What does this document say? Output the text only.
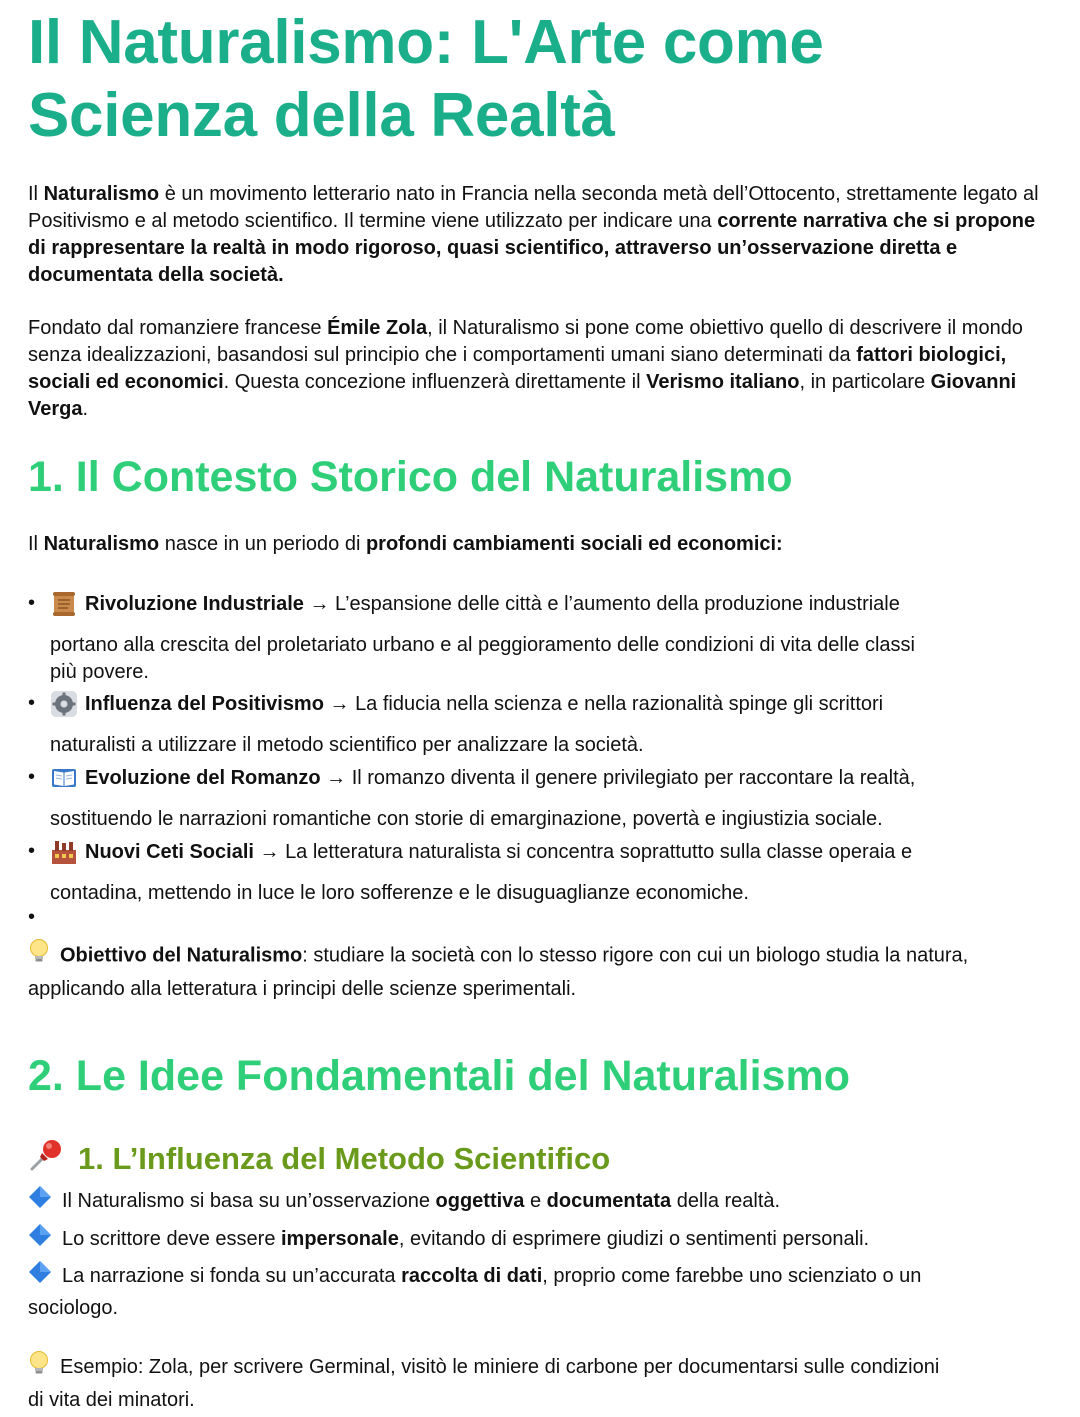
Il Naturalismo: L'Arte come
Scienza della Realtà

Il Naturalismo è un movimento letterario nato in Francia nella seconda metà dell’Ottocento, strettamente legato al Positivismo e al metodo scientifico. Il termine viene utilizzato per indicare una corrente narrativa che si propone di rappresentare la realtà in modo rigoroso, quasi scientifico, attraverso un’osservazione diretta e documentata della società.

Fondato dal romanziere francese Émile Zola, il Naturalismo si pone come obiettivo quello di descrivere il mondo senza idealizzazioni, basandosi sul principio che i comportamenti umani siano determinati da fattori biologici, sociali ed economici. Questa concezione influenzerà direttamente il Verismo italiano, in particolare Giovanni Verga.

1. Il Contesto Storico del Naturalismo

Il Naturalismo nasce in un periodo di profondi cambiamenti sociali ed economici:

• Rivoluzione Industriale → L’espansione delle città e l’aumento della produzione industriale
portano alla crescita del proletariato urbano e al peggioramento delle condizioni di vita delle classi
più povere.
• Influenza del Positivismo → La fiducia nella scienza e nella razionalità spinge gli scrittori
naturalisti a utilizzare il metodo scientifico per analizzare la società.
• Evoluzione del Romanzo → Il romanzo diventa il genere privilegiato per raccontare la realtà,
sostituendo le narrazioni romantiche con storie di emarginazione, povertà e ingiustizia sociale.
• Nuovi Ceti Sociali → La letteratura naturalista si concentra soprattutto sulla classe operaia e
contadina, mettendo in luce le loro sofferenze e le disuguaglianze economiche.
•

Obiettivo del Naturalismo: studiare la società con lo stesso rigore con cui un biologo studia la natura, applicando alla letteratura i principi delle scienze sperimentali.

2. Le Idee Fondamentali del Naturalismo
1. L’Influenza del Metodo Scientifico
Il Naturalismo si basa su un’osservazione oggettiva e documentata della realtà.
Lo scrittore deve essere impersonale, evitando di esprimere giudizi o sentimenti personali.
La narrazione si fonda su un’accurata raccolta di dati, proprio come farebbe uno scienziato o un
sociologo.
Esempio: Zola, per scrivere Germinal, visitò le miniere di carbone per documentarsi sulle condizioni
di vita dei minatori.
